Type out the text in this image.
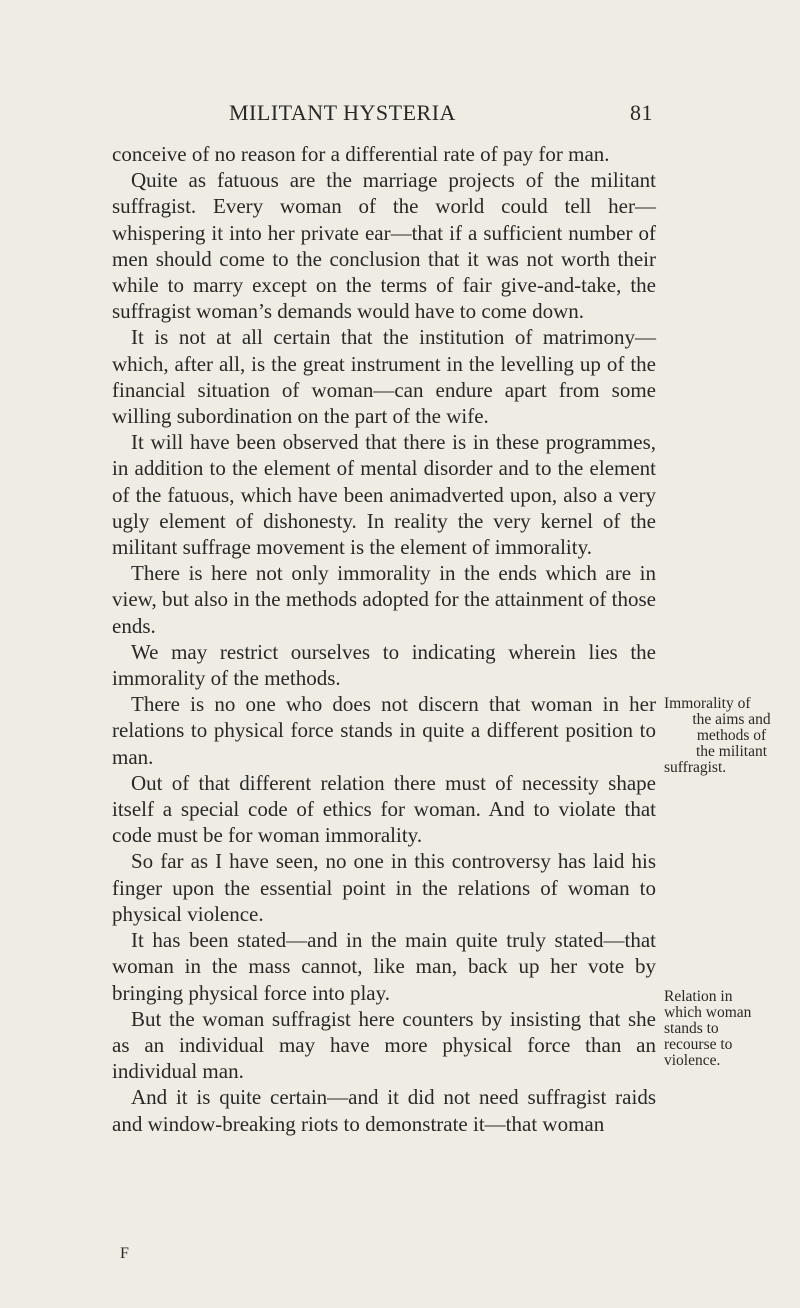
MILITANT HYSTERIA	81

conceive of no reason for a differential rate of pay for man.

Quite as fatuous are the marriage projects of the militant suffragist. Every woman of the world could tell her—whispering it into her private ear—that if a sufficient number of men should come to the conclusion that it was not worth their while to marry except on the terms of fair give-and-take, the suffragist woman’s demands would have to come down.

It is not at all certain that the institution of matrimony—which, after all, is the great instrument in the levelling up of the financial situation of woman—can endure apart from some willing subordination on the part of the wife.

It will have been observed that there is in these programmes, in addition to the element of mental disorder and to the element of the fatuous, which have been animadverted upon, also a very ugly element of dishonesty. In reality the very kernel of the militant suffrage movement is the element of immorality.

There is here not only immorality in the ends which are in view, but also in the methods adopted for the attainment of those ends.

We may restrict ourselves to indicating wherein lies the immorality of the methods.

There is no one who does not discern that woman in her relations to physical force stands in quite a different position to man.

Out of that different relation there must of necessity shape itself a special code of ethics for woman. And to violate that code must be for woman immorality.

So far as I have seen, no one in this controversy has laid his finger upon the essential point in the relations of woman to physical violence.

It has been stated—and in the main quite truly stated—that woman in the mass cannot, like man, back up her vote by bringing physical force into play.

But the woman suffragist here counters by insisting that she as an individual may have more physical force than an individual man.

And it is quite certain—and it did not need suffragist raids and window-breaking riots to demonstrate it—that woman

Immorality of
the aims and
methods of
the militant
suffragist.
Relation in
which woman
stands to
recourse to
violence.
F
